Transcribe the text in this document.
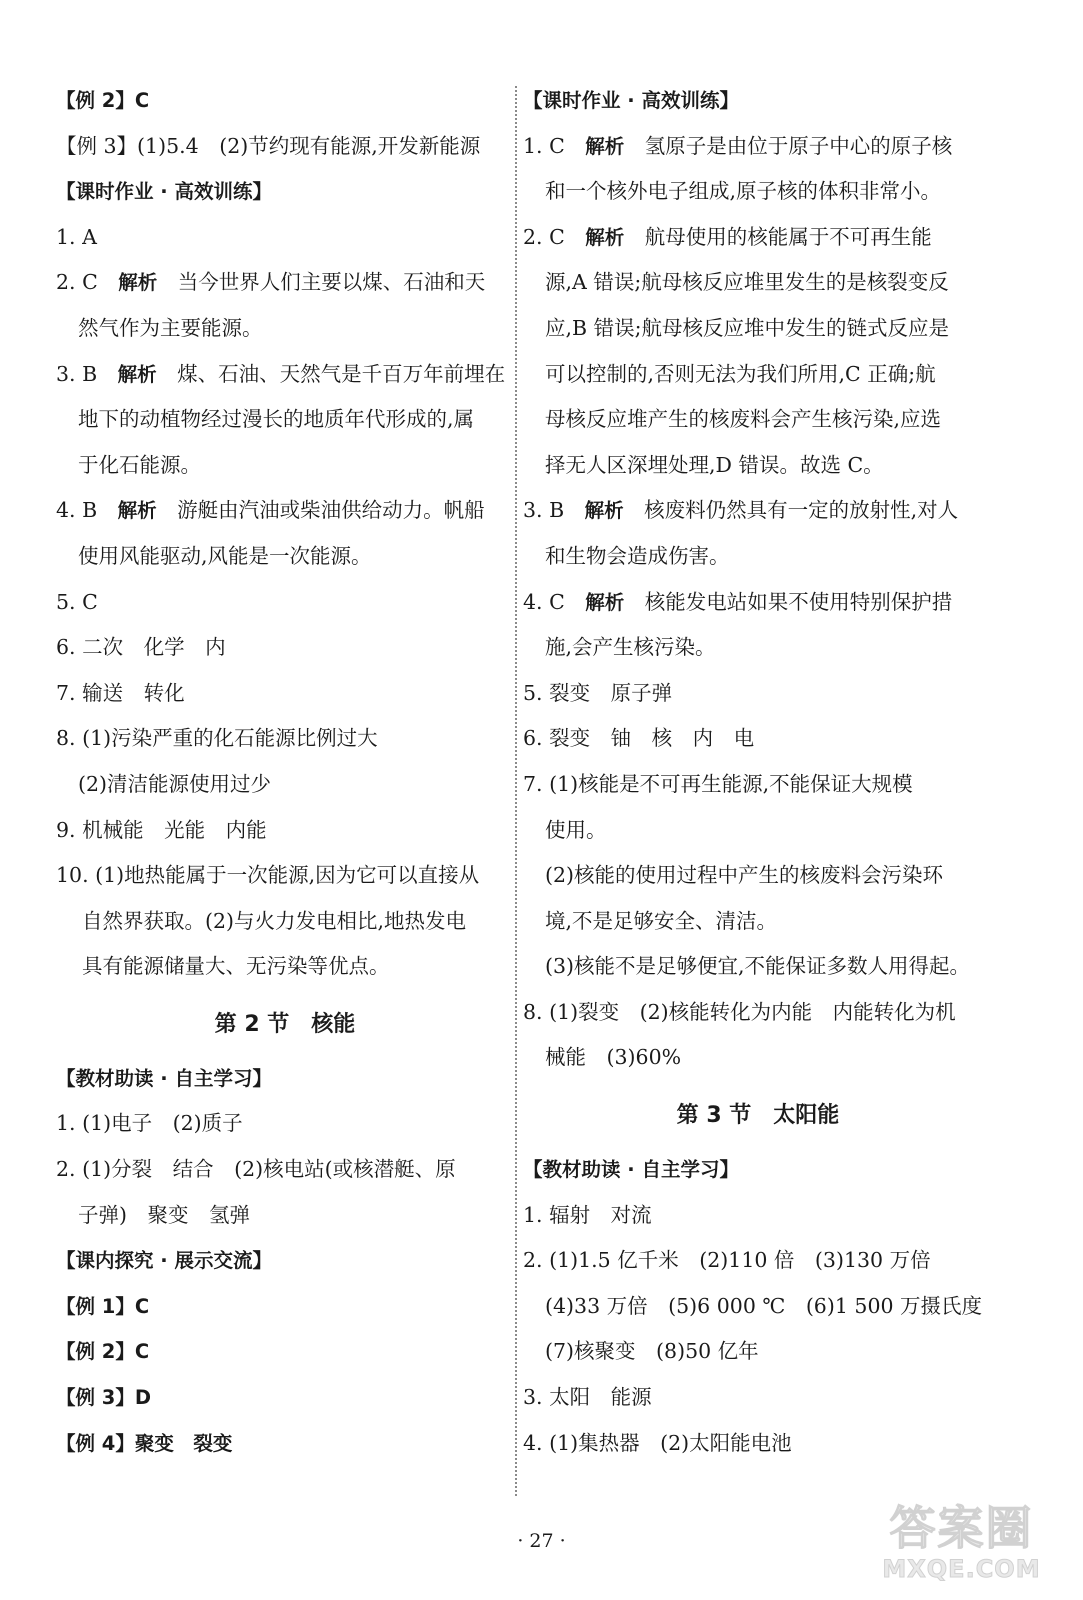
【例 2】C
【例 3】(1)5.4　(2)节约现有能源,开发新能源
【课时作业 · 高效训练】
1. A
2. C　 解析　 当今世界人们主要以煤、石油和天
然气作为主要能源。
3. B　 解析　 煤、石油、天然气是千百万年前埋在
地下的动植物经过漫长的地质年代形成的,属
于化石能源。
4. B　 解析　 游艇由汽油或柴油供给动力。帆船
使用风能驱动,风能是一次能源。
5. C
6. 二次　化学　内
7. 输送　转化
8. (1)污染严重的化石能源比例过大
(2)清洁能源使用过少
9. 机械能　光能　内能
10. (1)地热能属于一次能源,因为它可以直接从
自然界获取。(2)与火力发电相比,地热发电
具有能源储量大、无污染等优点。
第 2 节　核能
【教材助读 · 自主学习】
1. (1)电子　(2)质子
2. (1)分裂　结合　(2)核电站(或核潜艇、原
子弹)　聚变　氢弹
【课内探究 · 展示交流】
【例 1】C
【例 2】C
【例 3】D
【例 4】聚变　裂变
【课时作业 · 高效训练】
1. C　 解析　 氢原子是由位于原子中心的原子核
和一个核外电子组成,原子核的体积非常小。
2. C　 解析　 航母使用的核能属于不可再生能
源,A 错误;航母核反应堆里发生的是核裂变反
应,B 错误;航母核反应堆中发生的链式反应是
可以控制的,否则无法为我们所用,C 正确;航
母核反应堆产生的核废料会产生核污染,应选
择无人区深埋处理,D 错误。故选 C。
3. B　 解析　 核废料仍然具有一定的放射性,对人
和生物会造成伤害。
4. C　 解析　 核能发电站如果不使用特别保护措
施,会产生核污染。
5. 裂变　原子弹
6. 裂变　铀　核　内　电
7. (1)核能是不可再生能源,不能保证大规模
使用。
(2)核能的使用过程中产生的核废料会污染环
境,不是足够安全、清洁。
(3)核能不是足够便宜,不能保证多数人用得起。
8. (1)裂变　(2)核能转化为内能　内能转化为机
械能　(3)60%
第 3 节　太阳能
【教材助读 · 自主学习】
1. 辐射　对流
2. (1)1.5 亿千米　(2)110 倍　(3)130 万倍
(4)33 万倍　(5)6 000 ℃　(6)1 500 万摄氏度
(7)核聚变　(8)50 亿年
3. 太阳　能源
4. (1)集热器　(2)太阳能电池
· 27 ·	答案圈
MXQE.COM
